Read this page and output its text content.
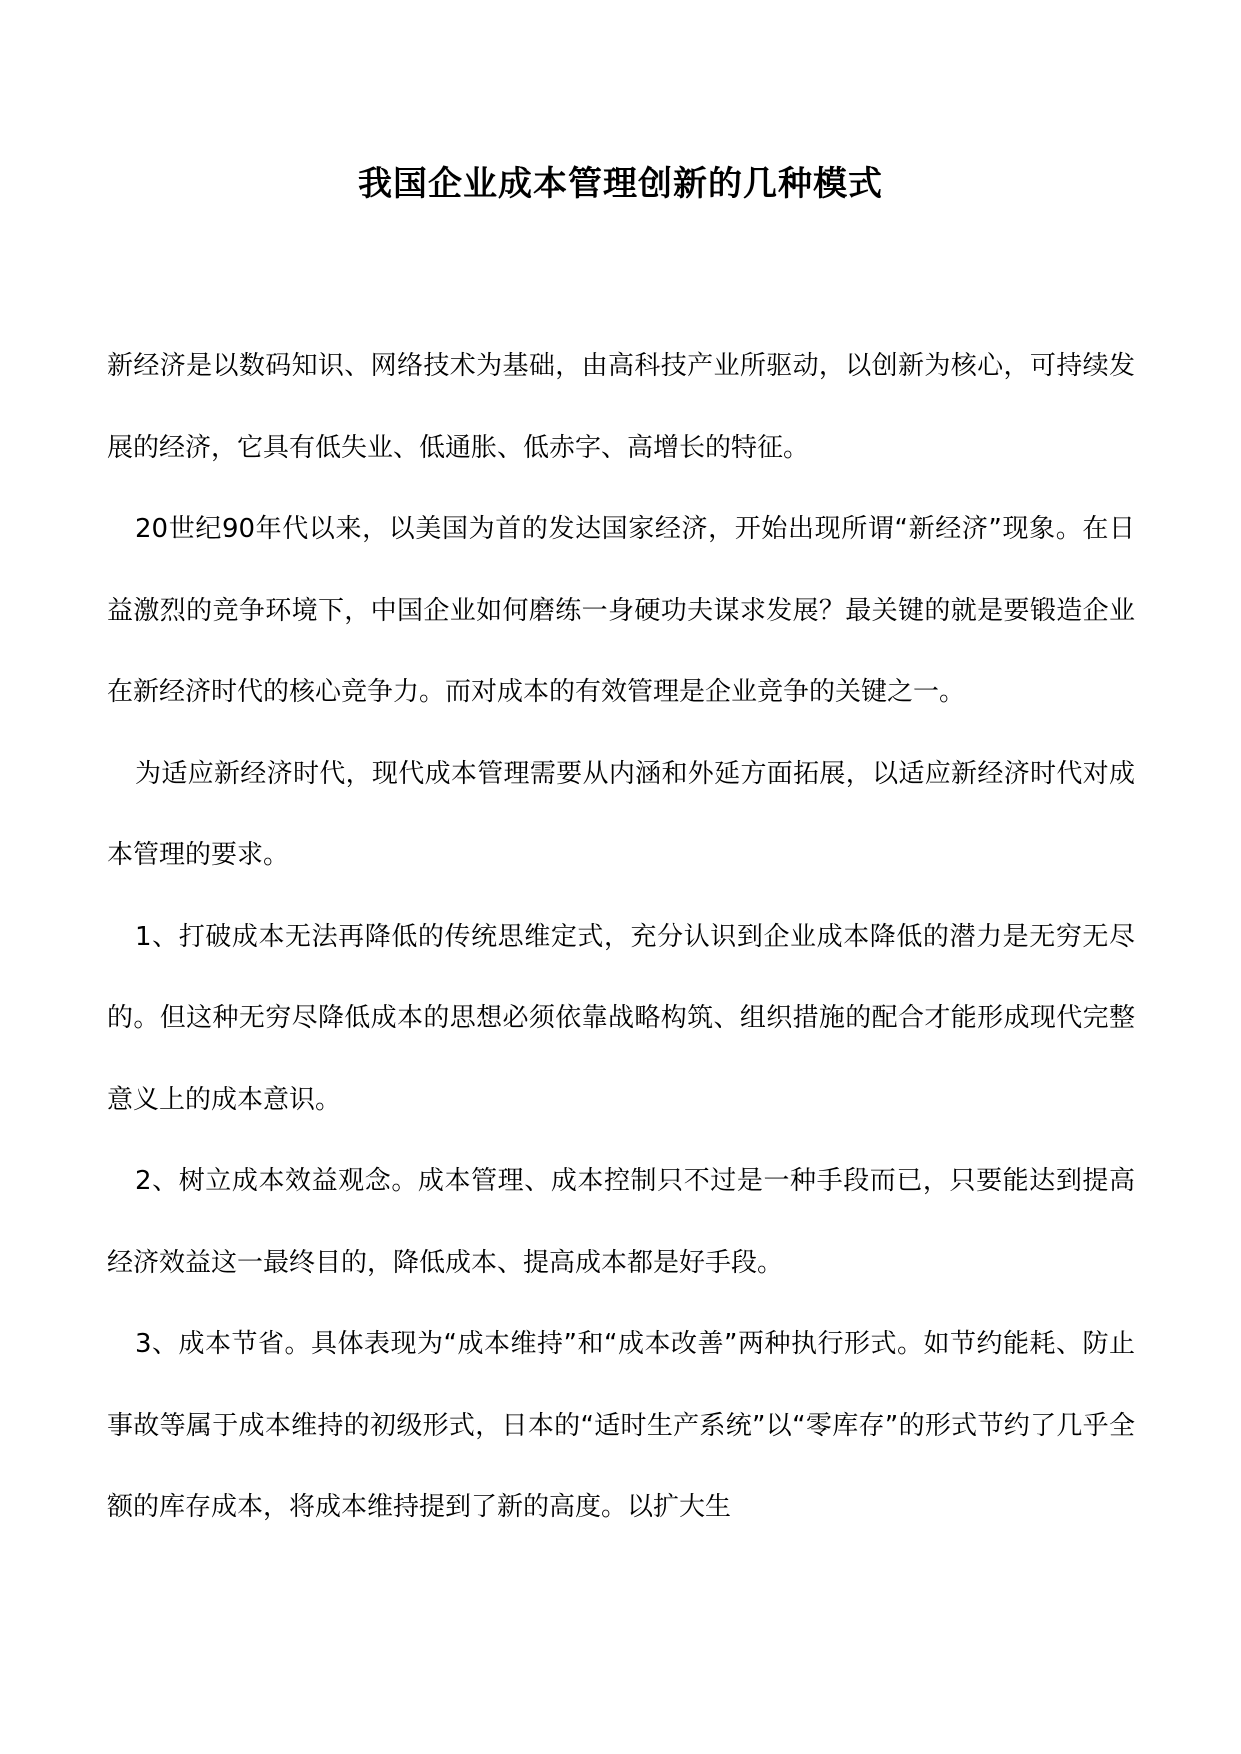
我国企业成本管理创新的几种模式

新经济是以数码知识、网络技术为基础，由高科技产业所驱动，以创新为核心，可持续发展的经济，它具有低失业、低通胀、低赤字、高增长的特征。

20世纪90年代以来，以美国为首的发达国家经济，开始出现所谓“新经济”现象。在日益激烈的竞争环境下，中国企业如何磨练一身硬功夫谋求发展？最关键的就是要锻造企业在新经济时代的核心竞争力。而对成本的有效管理是企业竞争的关键之一。

为适应新经济时代，现代成本管理需要从内涵和外延方面拓展，以适应新经济时代对成本管理的要求。

1、打破成本无法再降低的传统思维定式，充分认识到企业成本降低的潜力是无穷无尽的。但这种无穷尽降低成本的思想必须依靠战略构筑、组织措施的配合才能形成现代完整意义上的成本意识。

2、树立成本效益观念。成本管理、成本控制只不过是一种手段而已，只要能达到提高经济效益这一最终目的，降低成本、提高成本都是好手段。

3、成本节省。具体表现为“成本维持”和“成本改善”两种执行形式。如节约能耗、防止事故等属于成本维持的初级形式，日本的“适时生产系统”以“零库存”的形式节约了几乎全额的库存成本，将成本维持提到了新的高度。以扩大生
